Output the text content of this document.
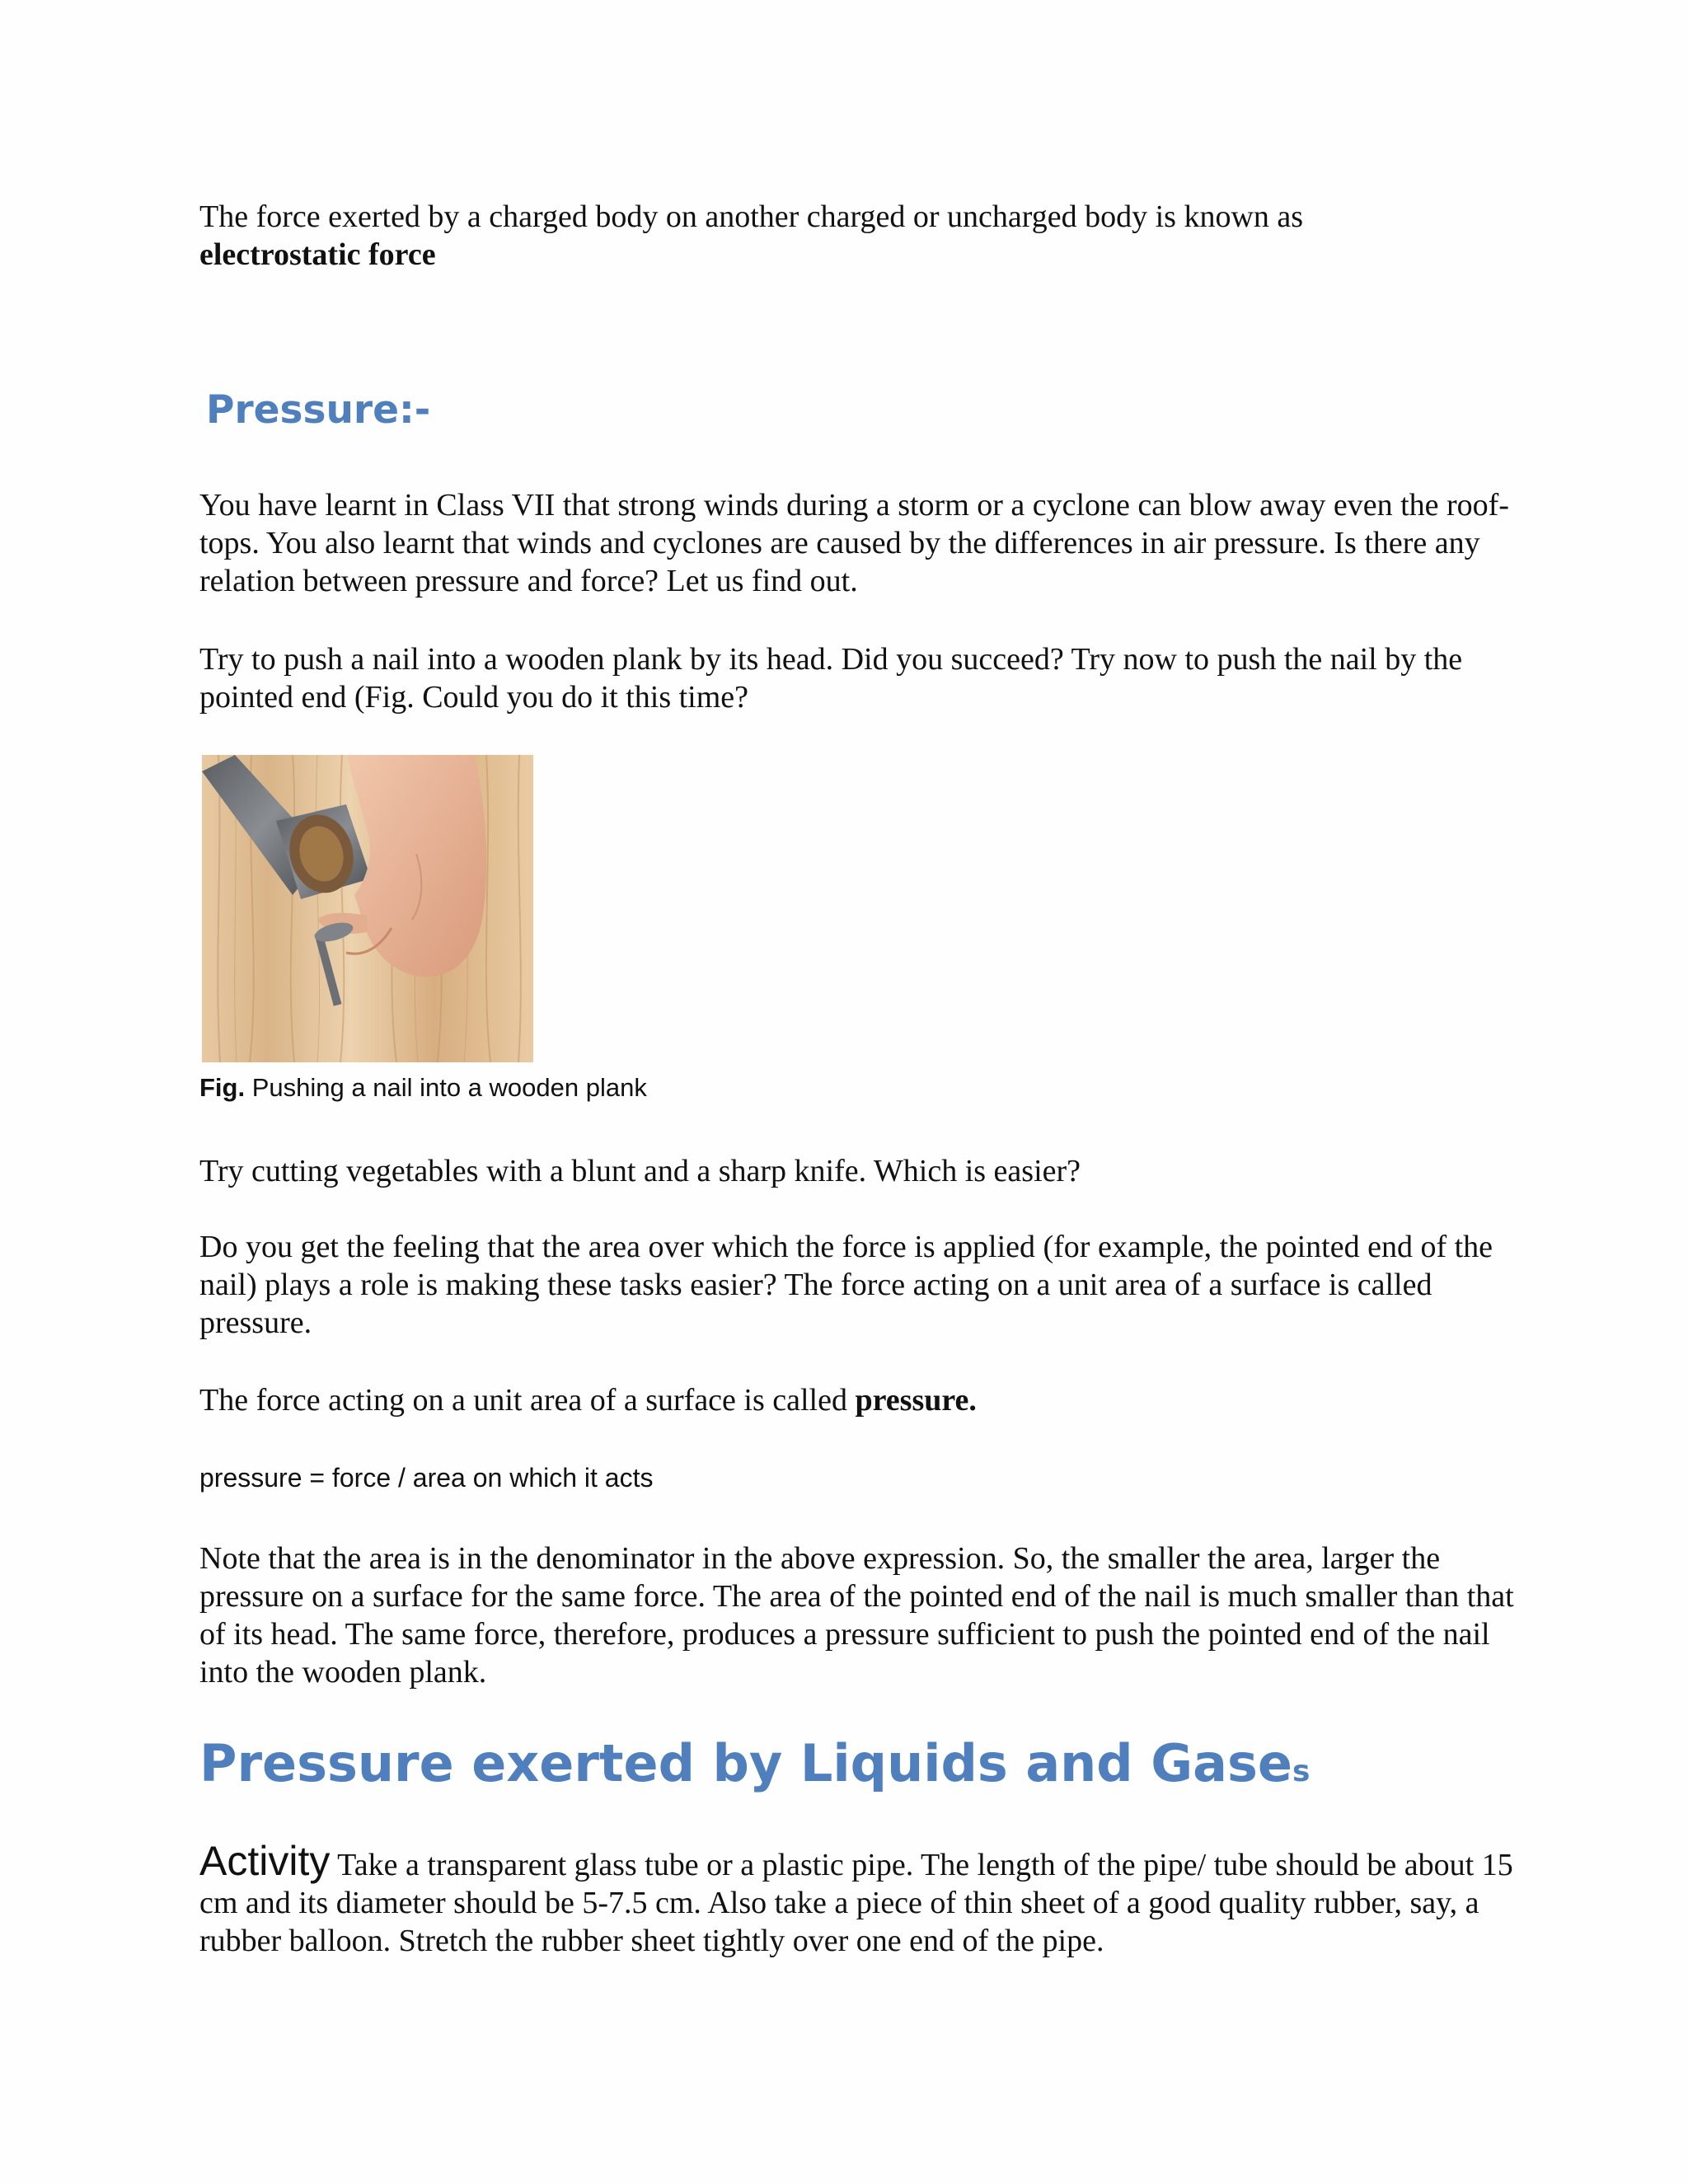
The force exerted by a charged body on another charged or uncharged body is known as
electrostatic force

Pressure:-

You have learnt in Class VII that strong winds during a storm or a cyclone can blow away even the roof-tops. You also learnt that winds and cyclones are caused by the differences in air pressure. Is there any relation between pressure and force? Let us find out.

Try to push a nail into a wooden plank by its head. Did you succeed? Try now to push the nail by the pointed end (Fig. Could you do it this time?

Fig. Pushing a nail into a wooden plank

Try cutting vegetables with a blunt and a sharp knife. Which is easier?

Do you get the feeling that the area over which the force is applied (for example, the pointed end of the nail) plays a role is making these tasks easier? The force acting on a unit area of a surface is called pressure.

The force acting on a unit area of a surface is called pressure.

pressure = force / area on which it acts

Note that the area is in the denominator in the above expression. So, the smaller the area, larger the pressure on a surface for the same force. The area of the pointed end of the nail is much smaller than that of its head. The same force, therefore, produces a pressure sufficient to push the pointed end of the nail into the wooden plank.

Pressure exerted by Liquids and Gases

Activity Take a transparent glass tube or a plastic pipe. The length of the pipe/ tube should be about 15 cm and its diameter should be 5-7.5 cm. Also take a piece of thin sheet of a good quality rubber, say, a rubber balloon. Stretch the rubber sheet tightly over one end of the pipe.
